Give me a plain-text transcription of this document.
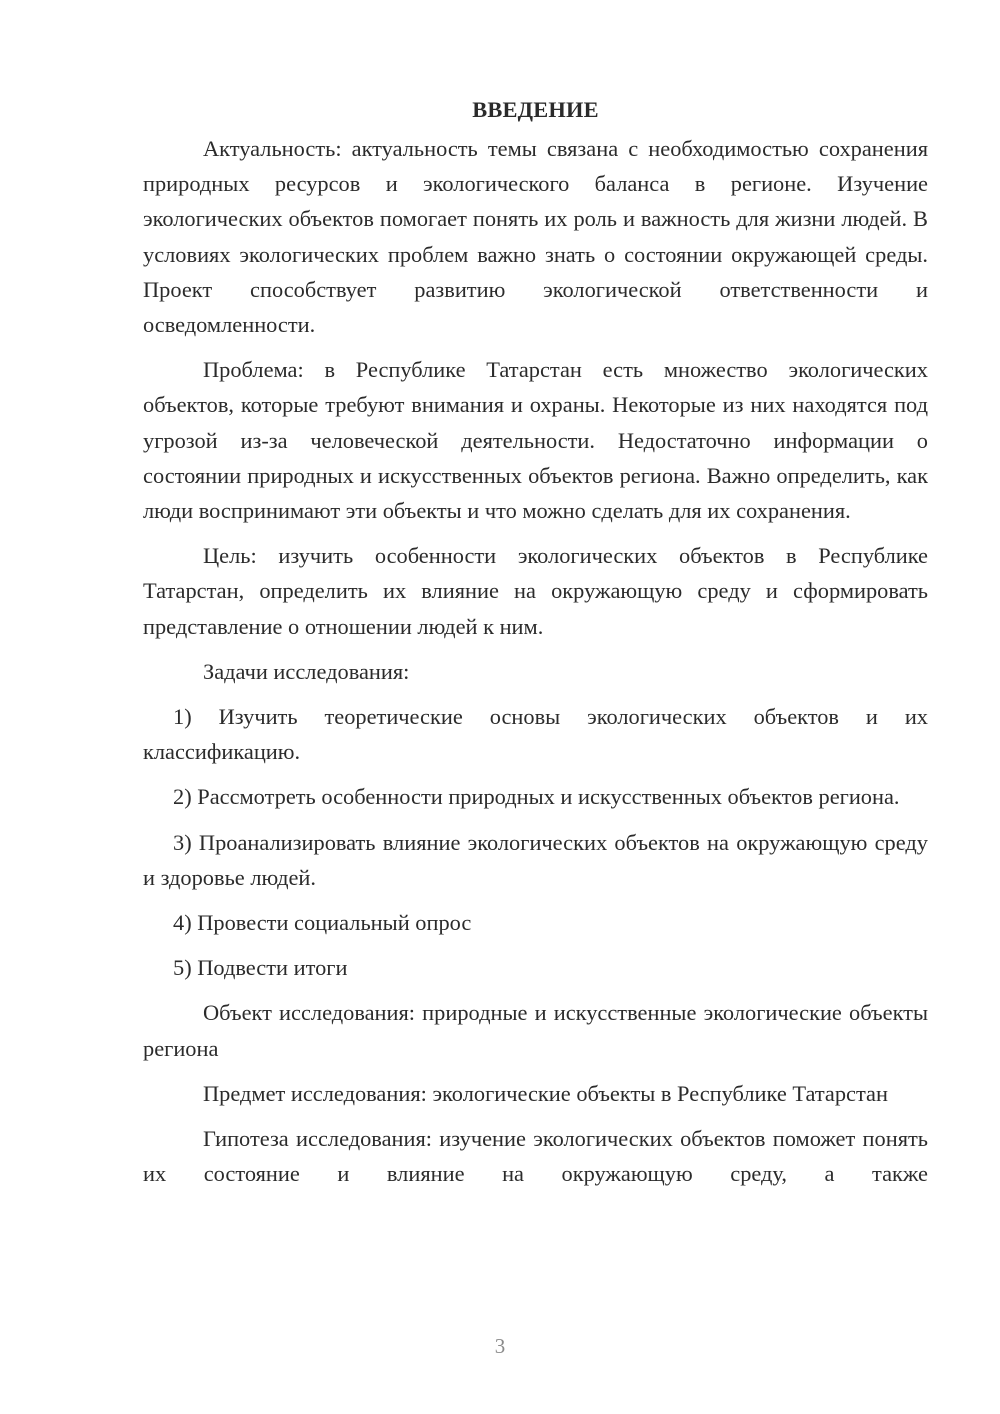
ВВЕДЕНИЕ

Актуальность: актуальность темы связана с необходимостью сохранения природных ресурсов и экологического баланса в регионе. Изучение экологических объектов помогает понять их роль и важность для жизни людей. В условиях экологических проблем важно знать о состоянии окружающей среды. Проект способствует развитию экологической ответственности и осведомленности.

Проблема: в Республике Татарстан есть множество экологических объектов, которые требуют внимания и охраны. Некоторые из них находятся под угрозой из-за человеческой деятельности. Недостаточно информации о состоянии природных и искусственных объектов региона. Важно определить, как люди воспринимают эти объекты и что можно сделать для их сохранения.

Цель: изучить особенности экологических объектов в Республике Татарстан, определить их влияние на окружающую среду и сформировать представление о отношении людей к ним.

Задачи исследования:

1) Изучить теоретические основы экологических объектов и их классификацию.

2) Рассмотреть особенности природных и искусственных объектов региона.

3) Проанализировать влияние экологических объектов на окружающую среду и здоровье людей.

4) Провести социальный опрос

5) Подвести итоги

Объект исследования: природные и искусственные экологические объекты региона

Предмет исследования: экологические объекты в Республике Татарстан

Гипотеза исследования: изучение экологических объектов поможет понять их состояние и влияние на окружающую среду, а также

3
